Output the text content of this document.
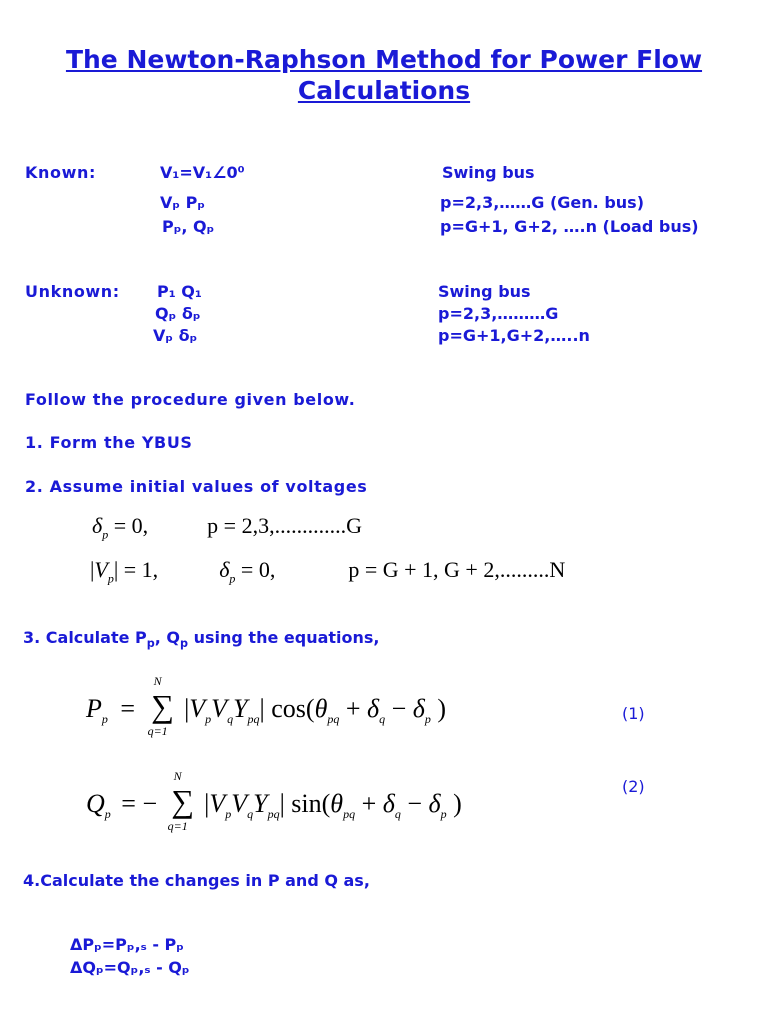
The Newton-Raphson Method for Power Flow
Calculations
Known:	V₁=V₁∠0⁰	Swing bus
Vₚ Pₚ	p=2,3,……G (Gen. bus)
Pₚ, Qₚ	p=G+1, G+2, ….n (Load bus)
Unknown: P₁ Q₁	Swing bus
Qₚ δₚ	p=2,3,………G
Vₚ δₚ	p=G+1,G+2,…..n
Follow the procedure given below.
1. Form the YBUS
2. Assume initial values of voltages
$\delta_p = 0$,	p = 2,3,.............G
$|V_p| = 1$,	$\delta_p = 0$,	p = G + 1, G + 2,.........N
3. Calculate $P_p$, $Q_p$ using the equations,
$P_p$ =
N
∑
q=1
$|V_pV_qY_{pq}|$ $\cos(\theta_{pq} + \delta_q - \delta_p$ )	(1)
$Q_p$ = −
N
∑
q=1
$|V_pV_qY_{pq}|$ $\sin(\theta_{pq} + \delta_q - \delta_p$ )
(2)
4.Calculate the changes in P and Q as,
ΔPₚ=Pₚ,ₛ - Pₚ
ΔQₚ=Qₚ,ₛ - Qₚ
